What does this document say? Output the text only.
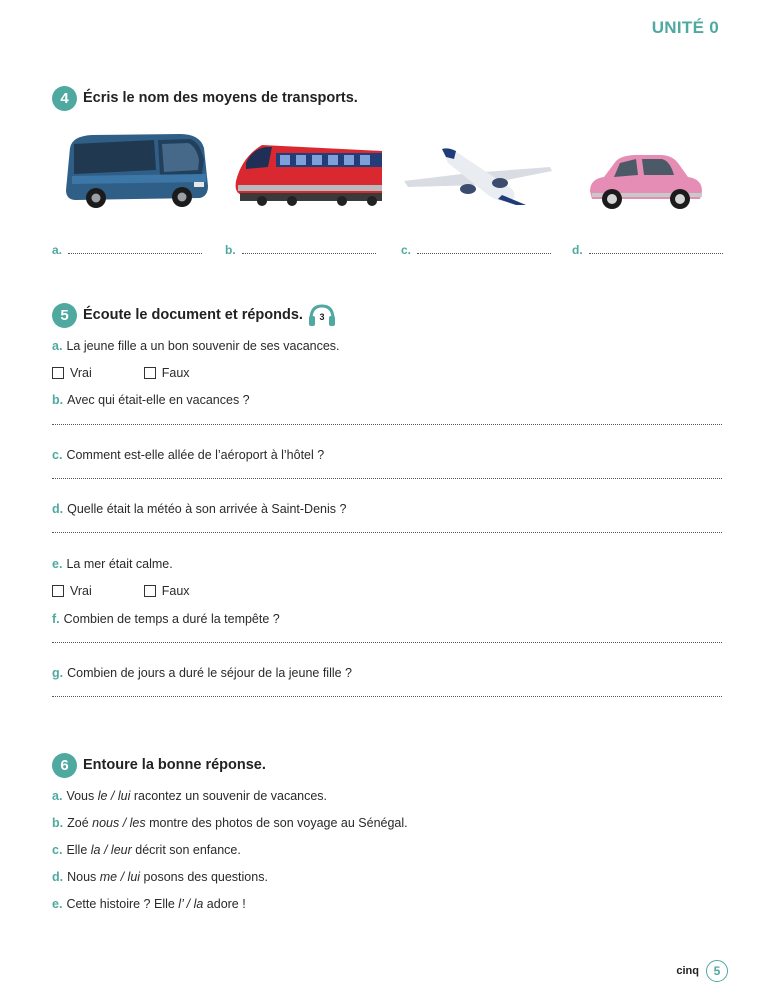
UNITÉ 0
4 Écris le nom des moyens de transports.
a.	b.	c.	d.
5 Écoute le document et réponds. 3
a. La jeune fille a un bon souvenir de ses vacances.
Vrai	Faux
b. Avec qui était-elle en vacances ?
c. Comment est-elle allée de l’aéroport à l’hôtel ?
d. Quelle était la météo à son arrivée à Saint-Denis ?
e. La mer était calme.
Vrai	Faux
f. Combien de temps a duré la tempête ?
g. Combien de jours a duré le séjour de la jeune fille ?
6 Entoure la bonne réponse.
a. Vous le / lui racontez un souvenir de vacances.
b. Zoé nous / les montre des photos de son voyage au Sénégal.
c. Elle la / leur décrit son enfance.
d. Nous me / lui posons des questions.
e. Cette histoire ? Elle l’ / la adore !
cinq	5
